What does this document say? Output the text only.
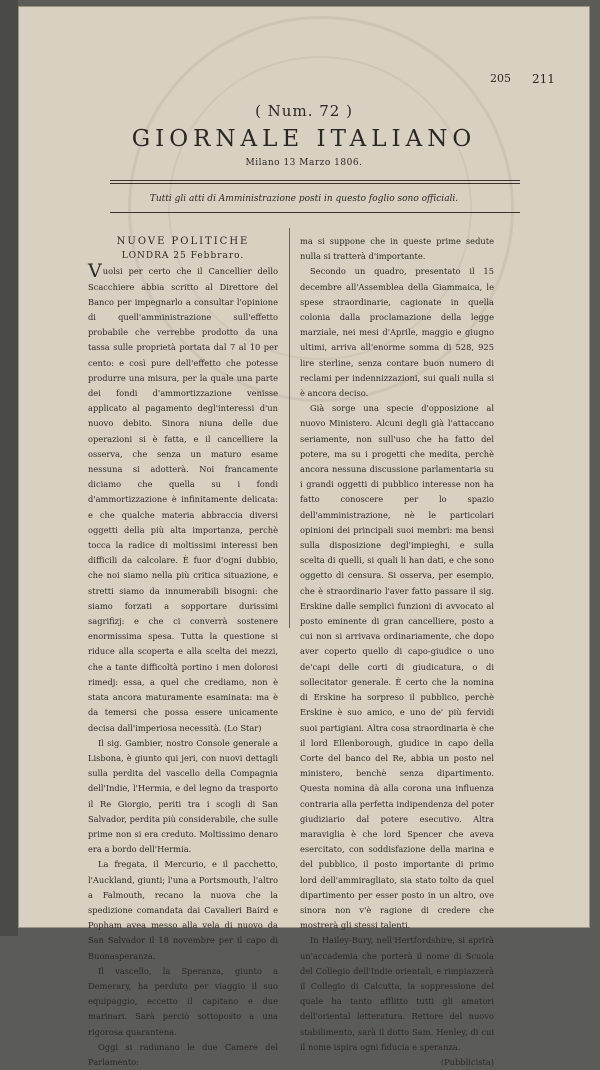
205 211
( Num. 72 )
GIORNALE ITALIANO
Milano 13 Marzo 1806.
Tutti gli atti di Amministrazione posti in questo foglio sono officiali.

NUOVE POLITICHE

LONDRA 25 Febbraro.

Vuolsi per certo che il Cancellier dello Scacchiere abbia scritto al Direttore del Banco per impegnarlo a consultar l'opinione di quell'amministrazione sull'effetto probabile che verrebbe prodotto da una tassa sulle proprietà portata dal 7 al 10 per cento: e così pure dell'effetto che potesse produrre una misura, per la quale una parte dei fondi d'ammortizzazione venisse applicato al pagamento degl'interessi d'un nuovo debito. Sinora niuna delle due operazioni si è fatta, e il cancelliere la osserva, che senza un maturo esame nessuna si adotterà. Noi francamente diciamo che quella su i fondi d'ammortizzazione è infinitamente delicata: e che qualche materia abbraccia diversi oggetti della più alta importanza, perchè tocca la radice di moltissimi interessi ben difficili da calcolare. È fuor d'ogni dubbio, che noi siamo nella più critica situazione, e stretti siamo da innumerabili bisogni: che siamo forzati a sopportare durissimi sagrifizj: e che ci converrà sostenere enormissima spesa. Tutta la questione si riduce alla scoperta e alla scelta dei mezzi, che a tante difficoltà portino i men dolorosi rimedj: essa, a quel che crediamo, non è stata ancora maturamente esaminata: ma è da temersi che possa essere unicamente decisa dall'imperiosa necessità. (Lo Star)

Il sig. Gambier, nostro Console generale a Lisbona, è giunto qui jeri, con nuovi dettagli sulla perdita del vascello della Compagnia dell'Indie, l'Hermia, e del legno da trasporto il Re Giorgio, periti tra i scogli di San Salvador, perdita più considerabile, che sulle prime non si era creduto. Moltissimo denaro era a bordo dell'Hermia.

La fregata, il Mercurio, e il pacchetto, l'Auckland, giunti; l'una a Portsmouth, l'altro a Falmouth, recano la nuova che la spedizione comandata dai Cavalieri Baird e Popham avea messo alla vela di nuovo da San Salvador il 18 novembre per il capo di Buonasperanza.

Il vascello, la Speranza, giunto a Demerary, ha perduto per viaggio il suo equipaggio, eccetto il capitano e due marinari. Sarà perciò sottoposto a una rigorosa quarantena.

Oggi si radunano le due Camere del Parlamento:

ma si suppone che in queste prime sedute nulla si tratterà d'importante.

Secondo un quadro, presentato il 15 decembre all'Assemblea della Giammaica, le spese straordinarie, cagionate in quella colonia dalla proclamazione della legge marziale, nei mesi d'Aprile, maggio e giugno ultimi, arriva all'enorme somma di 528, 925 lire sterline, senza contare buon numero di reclami per indennizzazioni, sui quali nulla si è ancora deciso.

Già sorge una specie d'opposizione al nuovo Ministero. Alcuni degli già l'attaccano seriamente, non sull'uso che ha fatto del potere, ma su i progetti che medita, perchè ancora nessuna discussione parlamentaria su i grandi oggetti di pubblico interesse non ha fatto conoscere per lo spazio dell'amministrazione, nè le particolari opinioni dei principali suoi membri: ma bensì sulla disposizione degl'impieghi, e sulla scelta di quelli, si quali li han dati, e che sono oggetto di censura. Si osserva, per esempio, che è straordinario l'aver fatto passare il sig. Erskine dalle semplici funzioni di avvocato al posto eminente di gran cancelliere, posto a cui non si arrivava ordinariamente, che dopo aver coperto quello di capo-giudice o uno de'capi delle corti di giudicatura, o di sollecitator generale. È certo che la nomina di Erskine ha sorpreso il pubblico, perchè Erskine è suo amico, e uno de' più fervidi suoi partigiani. Altra cosa straordinaria è che il lord Ellenborough, giudice in capo della Corte del banco del Re, abbia un posto nel ministero, benchè senza dipartimento. Questa nomina dà alla corona una influenza contraria alla perfetta indipendenza del poter giudiziario dal potere esecutivo. Altra maraviglia è che lord Spencer che aveva esercitato, con soddisfazione della marina e del pubblico, il posto importante di primo lord dell'ammiragliato, sia stato tolto da quel dipartimento per esser posto in un altro, ove sinora non v'è ragione di credere che mostrerà gli stessi talenti.

In Hailey-Bury, nell'Hertfordshire, si aprirà un'accademia che porterà il nome di Scuola del Collegio dell'Indie orientali, e rimpiazzerà il Collegio di Calcutta, la soppressione del quale ha tanto afflitto tutti gli amatori dell'oriental letteratura. Rettore del nuovo stabilimento, sarà il dotto Sam. Henley, di cui il nome ispira ogni fiducia e speranza.

(Pubblicista)
